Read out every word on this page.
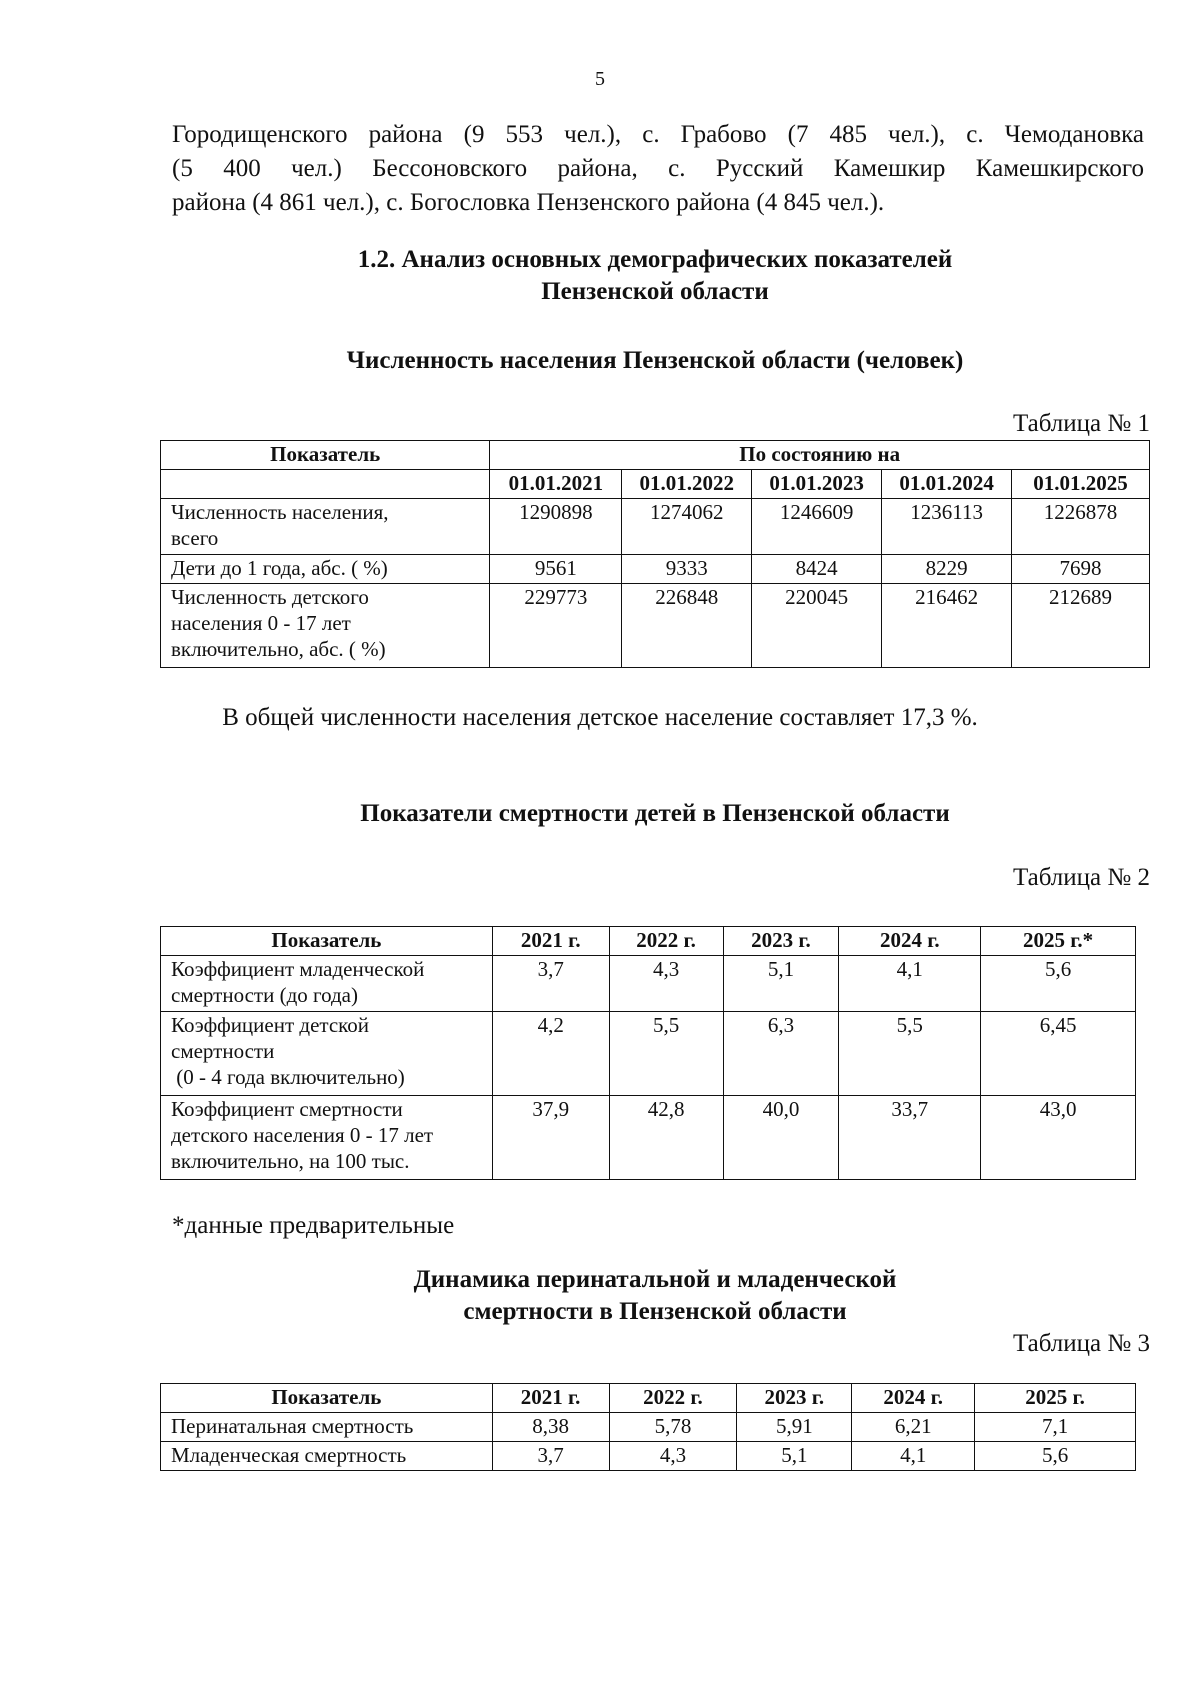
5
Городищенского района (9 553 чел.), с. Грабово (7 485 чел.), с. Чемодановка
(5 400 чел.) Бессоновского района, с. Русский Камешкир Камешкирского
района (4 861 чел.), с. Богословка Пензенского района (4 845 чел.).
1.2. Анализ основных демографических показателей
Пензенской области
Численность населения Пензенской области (человек)
Таблица № 1
Показатель	По состоянию на				
	01.01.2021	01.01.2022	01.01.2023	01.01.2024	01.01.2025

Численность населения,
всего	1290898	1274062	1246609	1236113	1226878

Дети до 1 года, абс. ( %)	9561	9333	8424	8229	7698

Численность детского
населения 0 - 17 лет
включительно, абс. ( %)	229773	226848	220045	216462	212689
В общей численности населения детское население составляет 17,3 %.
Показатели смертности детей в Пензенской области
Таблица № 2
Показатель	2021 г.	2022 г.	2023 г.	2024 г.	2025 г.*

Коэффициент младенческой
смертности (до года)	3,7	4,3	5,1	4,1	5,6

Коэффициент детской
смертности
(0 - 4 года включительно)	4,2	5,5	6,3	5,5	6,45

Коэффициент смертности
детского населения 0 - 17 лет
включительно, на 100 тыс.	37,9	42,8	40,0	33,7	43,0
*данные предварительные
Динамика перинатальной и младенческой
смертности в Пензенской области
Таблица № 3
Показатель	2021 г.	2022 г.	2023 г.	2024 г.	2025 г.
Перинатальная смертность	8,38	5,78	5,91	6,21	7,1
Младенческая смертность	3,7	4,3	5,1	4,1	5,6
